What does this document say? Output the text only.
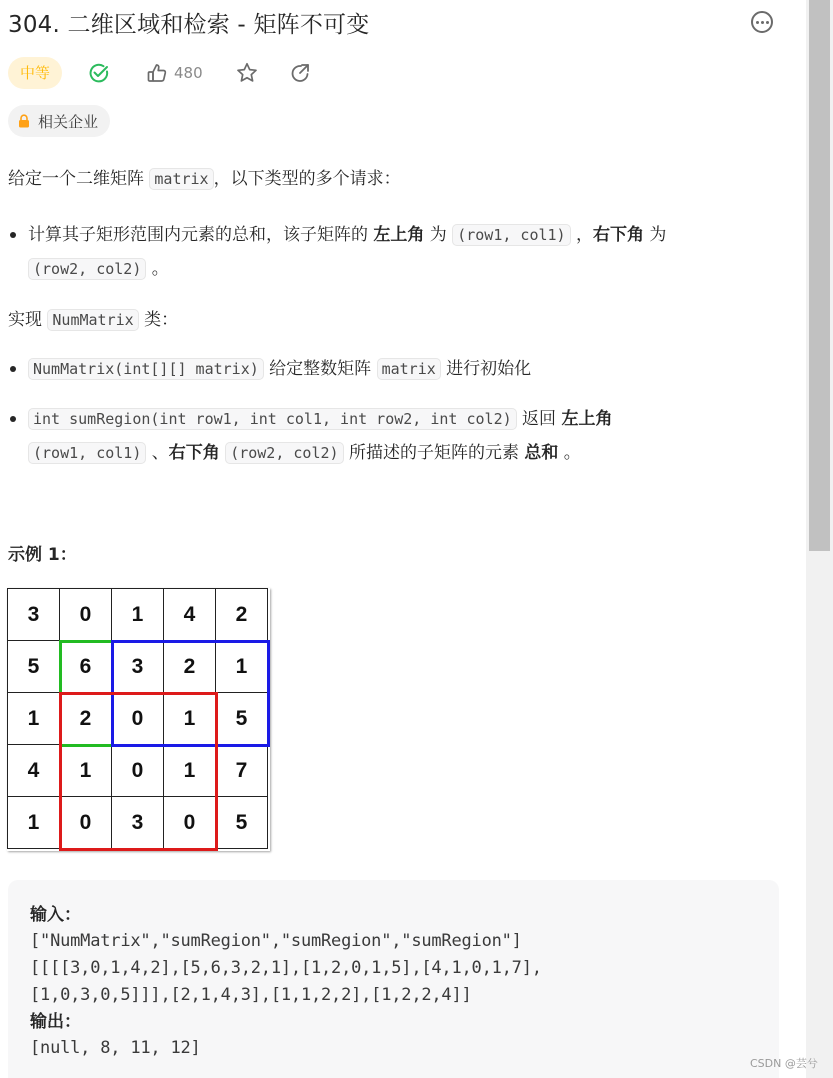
304. 二维区域和检索 - 矩阵不可变
中等	480
相关企业
给定一个二维矩阵 matrix ，以下类型的多个请求：
计算其子矩形范围内元素的总和，该子矩阵的 左上角 为 (row1, col1) ，右下角 为
(row2, col2) 。
实现 NumMatrix 类：
NumMatrix(int[][] matrix) 给定整数矩阵 matrix 进行初始化
int sumRegion(int row1, int col1, int row2, int col2) 返回 左上角
(row1, col1) 、右下角 (row2, col2) 所描述的子矩阵的元素 总和 。
示例 1：
3	0	1	4	2
5	6	3	2	1
1	2	0	1	5
4	1	0	1	7
1	0	3	0	5
输入：
["NumMatrix","sumRegion","sumRegion","sumRegion"]
[[[[3,0,1,4,2],[5,6,3,2,1],[1,2,0,1,5],[4,1,0,1,7],
[1,0,3,0,5]]],[2,1,4,3],[1,1,2,2],[1,2,2,4]]
输出：
[null, 8, 11, 12]
CSDN @芸兮
